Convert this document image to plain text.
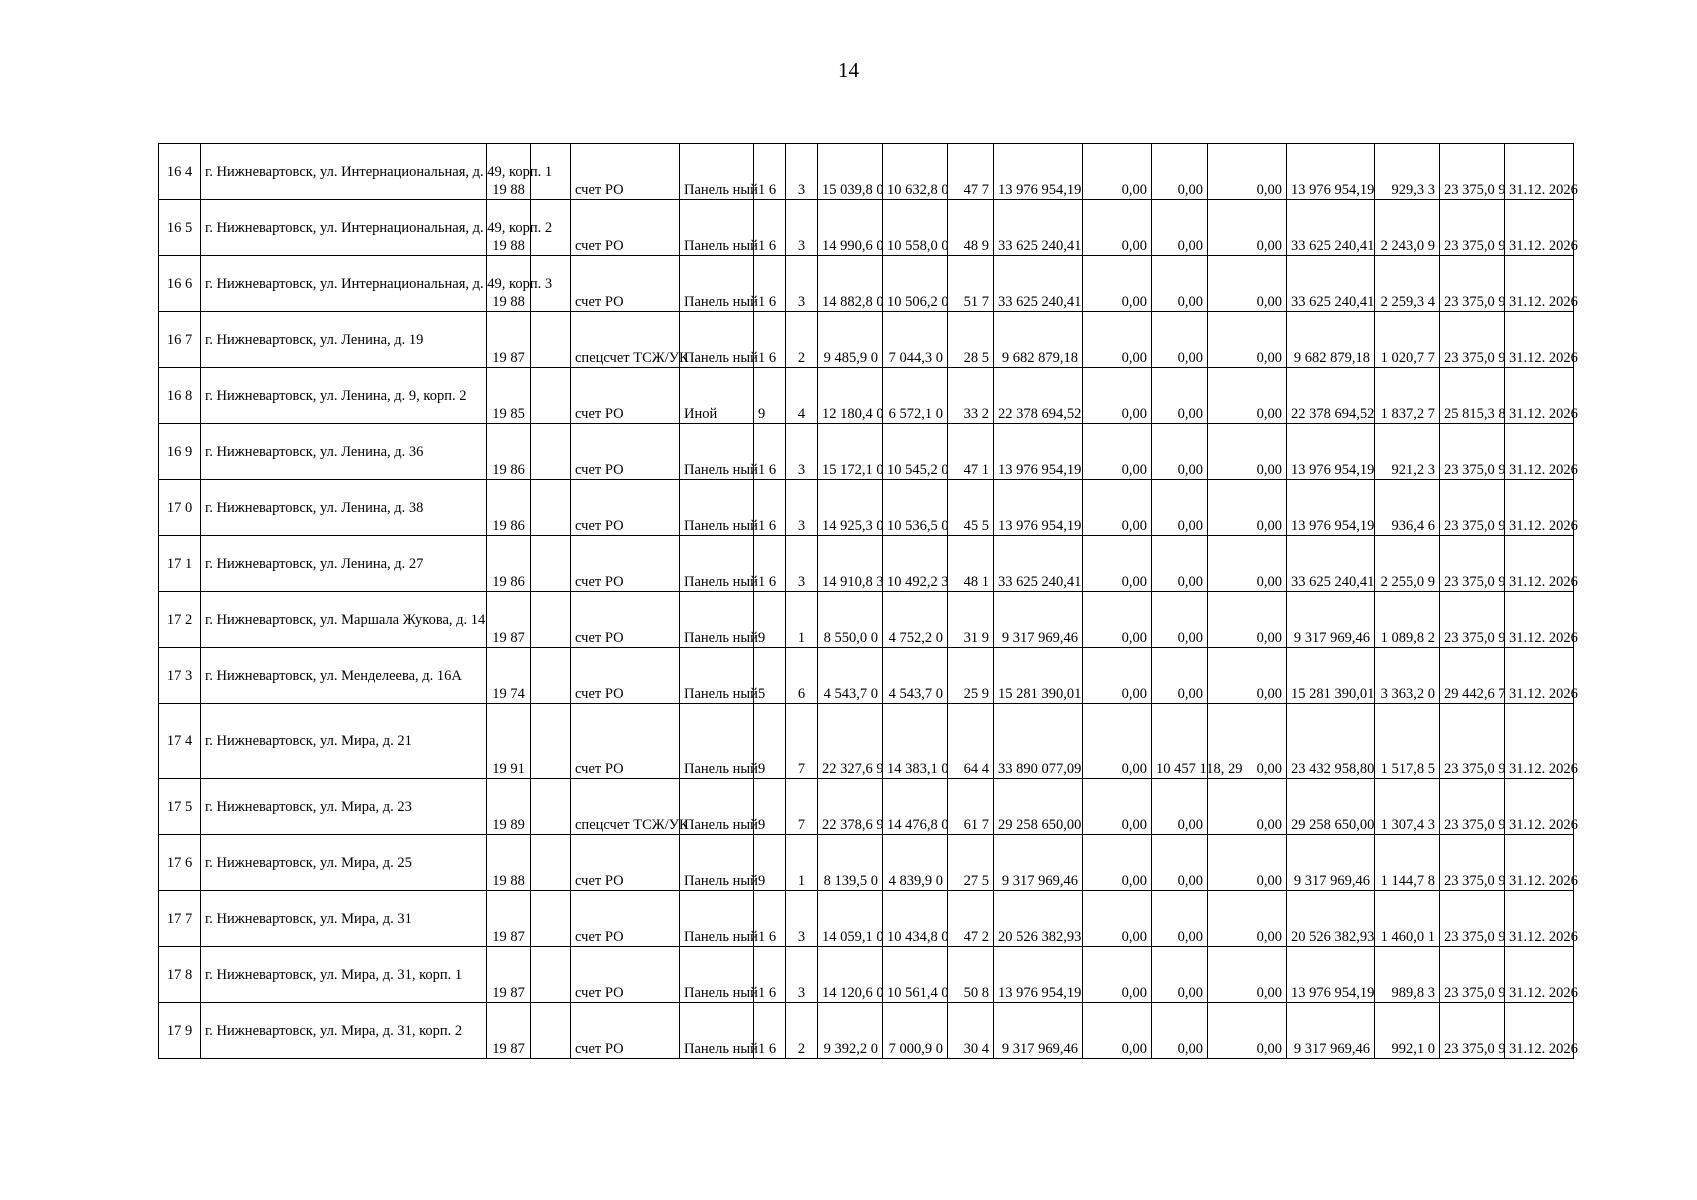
14
16 4	г. Нижневартовск, ул. Интернациональная, д. 49, корп. 1	19 88		счет РО	Панель ный	1 6	3	15 039,8 0	10 632,8 0	47 7	13 976 954,19	0,00	0,00	0,00	13 976 954,19	929,3 3	23 375,0 9	31.12. 2026
16 5	г. Нижневартовск, ул. Интернациональная, д. 49, корп. 2	19 88		счет РО	Панель ный	1 6	3	14 990,6 0	10 558,0 0	48 9	33 625 240,41	0,00	0,00	0,00	33 625 240,41	2 243,0 9	23 375,0 9	31.12. 2026
16 6	г. Нижневартовск, ул. Интернациональная, д. 49, корп. 3	19 88		счет РО	Панель ный	1 6	3	14 882,8 0	10 506,2 0	51 7	33 625 240,41	0,00	0,00	0,00	33 625 240,41	2 259,3 4	23 375,0 9	31.12. 2026
16 7	г. Нижневартовск, ул. Ленина, д. 19	19 87		спецсчет ТСЖ/УК	Панель ный	1 6	2	9 485,9 0	7 044,3 0	28 5	9 682 879,18	0,00	0,00	0,00	9 682 879,18	1 020,7 7	23 375,0 9	31.12. 2026
16 8	г. Нижневартовск, ул. Ленина, д. 9, корп. 2	19 85		счет РО	Иной	9	4	12 180,4 0	6 572,1 0	33 2	22 378 694,52	0,00	0,00	0,00	22 378 694,52	1 837,2 7	25 815,3 8	31.12. 2026
16 9	г. Нижневартовск, ул. Ленина, д. 36	19 86		счет РО	Панель ный	1 6	3	15 172,1 0	10 545,2 0	47 1	13 976 954,19	0,00	0,00	0,00	13 976 954,19	921,2 3	23 375,0 9	31.12. 2026
17 0	г. Нижневартовск, ул. Ленина, д. 38	19 86		счет РО	Панель ный	1 6	3	14 925,3 0	10 536,5 0	45 5	13 976 954,19	0,00	0,00	0,00	13 976 954,19	936,4 6	23 375,0 9	31.12. 2026
17 1	г. Нижневартовск, ул. Ленина, д. 27	19 86		счет РО	Панель ный	1 6	3	14 910,8 3	10 492,2 3	48 1	33 625 240,41	0,00	0,00	0,00	33 625 240,41	2 255,0 9	23 375,0 9	31.12. 2026
17 2	г. Нижневартовск, ул. Маршала Жукова, д. 14	19 87		счет РО	Панель ный	9	1	8 550,0 0	4 752,2 0	31 9	9 317 969,46	0,00	0,00	0,00	9 317 969,46	1 089,8 2	23 375,0 9	31.12. 2026
17 3	г. Нижневартовск, ул. Менделеева, д. 16А	19 74		счет РО	Панель ный	5	6	4 543,7 0	4 543,7 0	25 9	15 281 390,01	0,00	0,00	0,00	15 281 390,01	3 363,2 0	29 442,6 7	31.12. 2026
17 4	г. Нижневартовск, ул. Мира, д. 21	19 91		счет РО	Панель ный	9	7	22 327,6 9	14 383,1 0	64 4	33 890 077,09	0,00	10 457 118, 29	0,00	23 432 958,80	1 517,8 5	23 375,0 9	31.12. 2026
17 5	г. Нижневартовск, ул. Мира, д. 23	19 89		спецсчет ТСЖ/УК	Панель ный	9	7	22 378,6 9	14 476,8 0	61 7	29 258 650,00	0,00	0,00	0,00	29 258 650,00	1 307,4 3	23 375,0 9	31.12. 2026
17 6	г. Нижневартовск, ул. Мира, д. 25	19 88		счет РО	Панель ный	9	1	8 139,5 0	4 839,9 0	27 5	9 317 969,46	0,00	0,00	0,00	9 317 969,46	1 144,7 8	23 375,0 9	31.12. 2026
17 7	г. Нижневартовск, ул. Мира, д. 31	19 87		счет РО	Панель ный	1 6	3	14 059,1 0	10 434,8 0	47 2	20 526 382,93	0,00	0,00	0,00	20 526 382,93	1 460,0 1	23 375,0 9	31.12. 2026
17 8	г. Нижневартовск, ул. Мира, д. 31, корп. 1	19 87		счет РО	Панель ный	1 6	3	14 120,6 0	10 561,4 0	50 8	13 976 954,19	0,00	0,00	0,00	13 976 954,19	989,8 3	23 375,0 9	31.12. 2026
17 9	г. Нижневартовск, ул. Мира, д. 31, корп. 2	19 87		счет РО	Панель ный	1 6	2	9 392,2 0	7 000,9 0	30 4	9 317 969,46	0,00	0,00	0,00	9 317 969,46	992,1 0	23 375,0 9	31.12. 2026
